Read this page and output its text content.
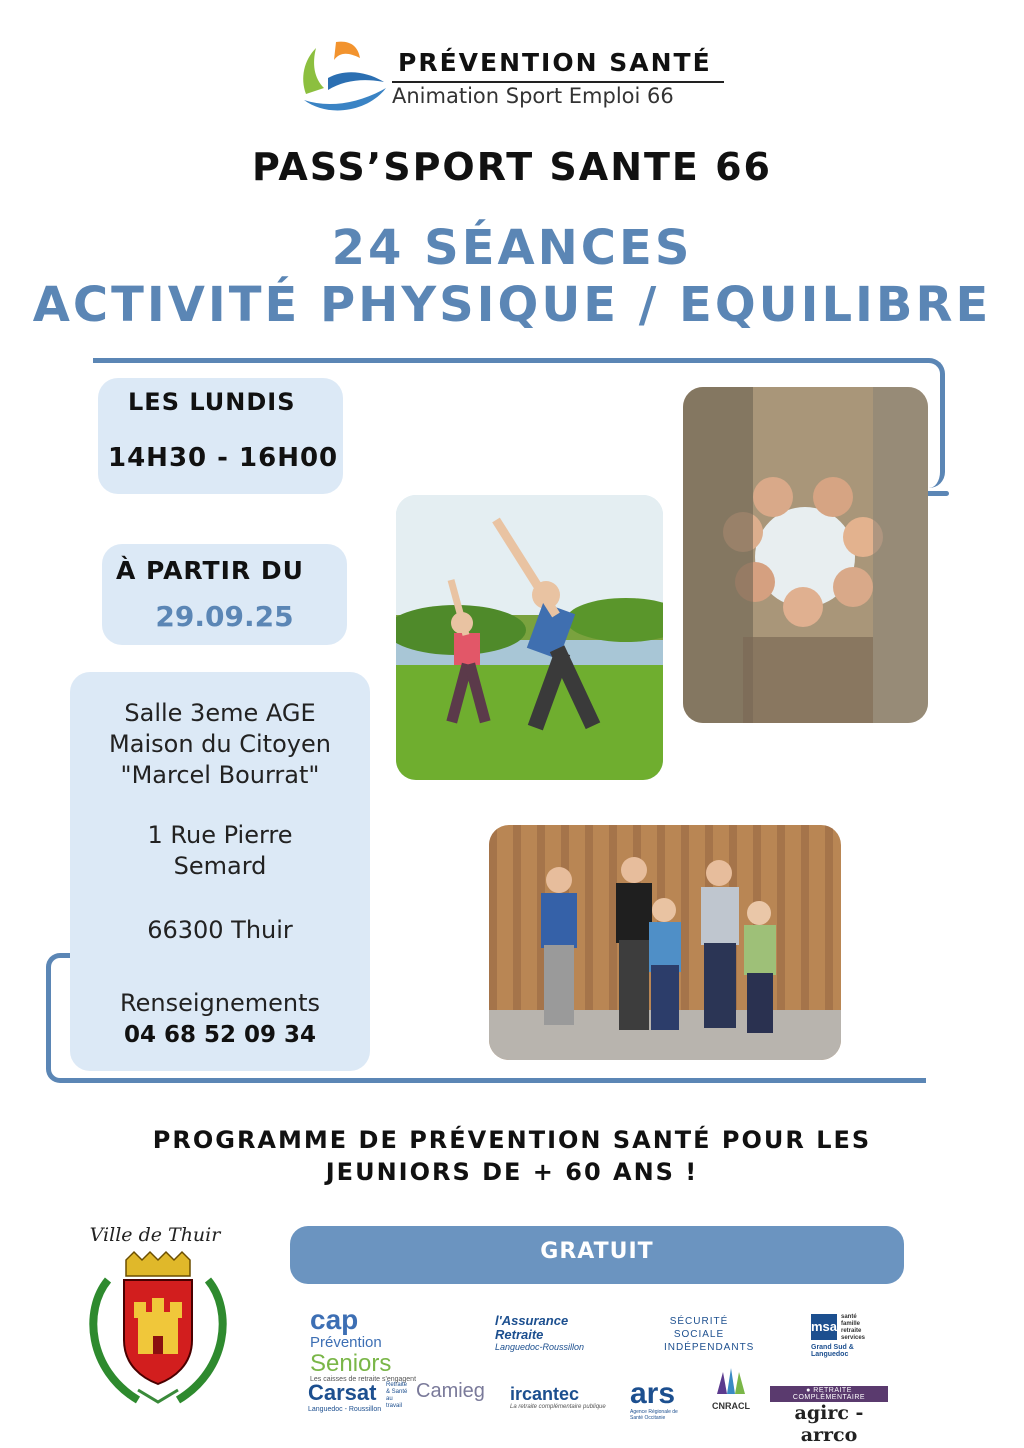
PRÉVENTION SANTÉ
Animation Sport Emploi 66
PASS’SPORT SANTE 66
24 SÉANCES
ACTIVITÉ PHYSIQUE / EQUILIBRE
LES LUNDIS
14H30 - 16H00
À PARTIR DU
29.09.25
Salle 3eme AGE
Maison du Citoyen
"Marcel Bourrat"
1 Rue Pierre
Semard
66300 Thuir
Renseignements
04 68 52 09 34
PROGRAMME DE PRÉVENTION SANTÉ POUR LES
JEUNIORS DE + 60 ANS !
GRATUIT
Ville de Thuir
cap Prévention
Seniors
Les caisses de retraite s'engagent
l'Assurance Retraite
Languedoc-Roussillon
SÉCURITÉ
SOCIALE
INDÉPENDANTS
msa
santé
famille
retraite
services
Grand Sud & Languedoc
Carsat	Retraite
& Santé
au travail
Languedoc - Roussillon
Camieg ircantec
La retraite complémentaire publique ars
Agence Régionale de Santé Occitanie
CNRACL
● RETRAITE COMPLÉMENTAIRE
agirc - arrco
